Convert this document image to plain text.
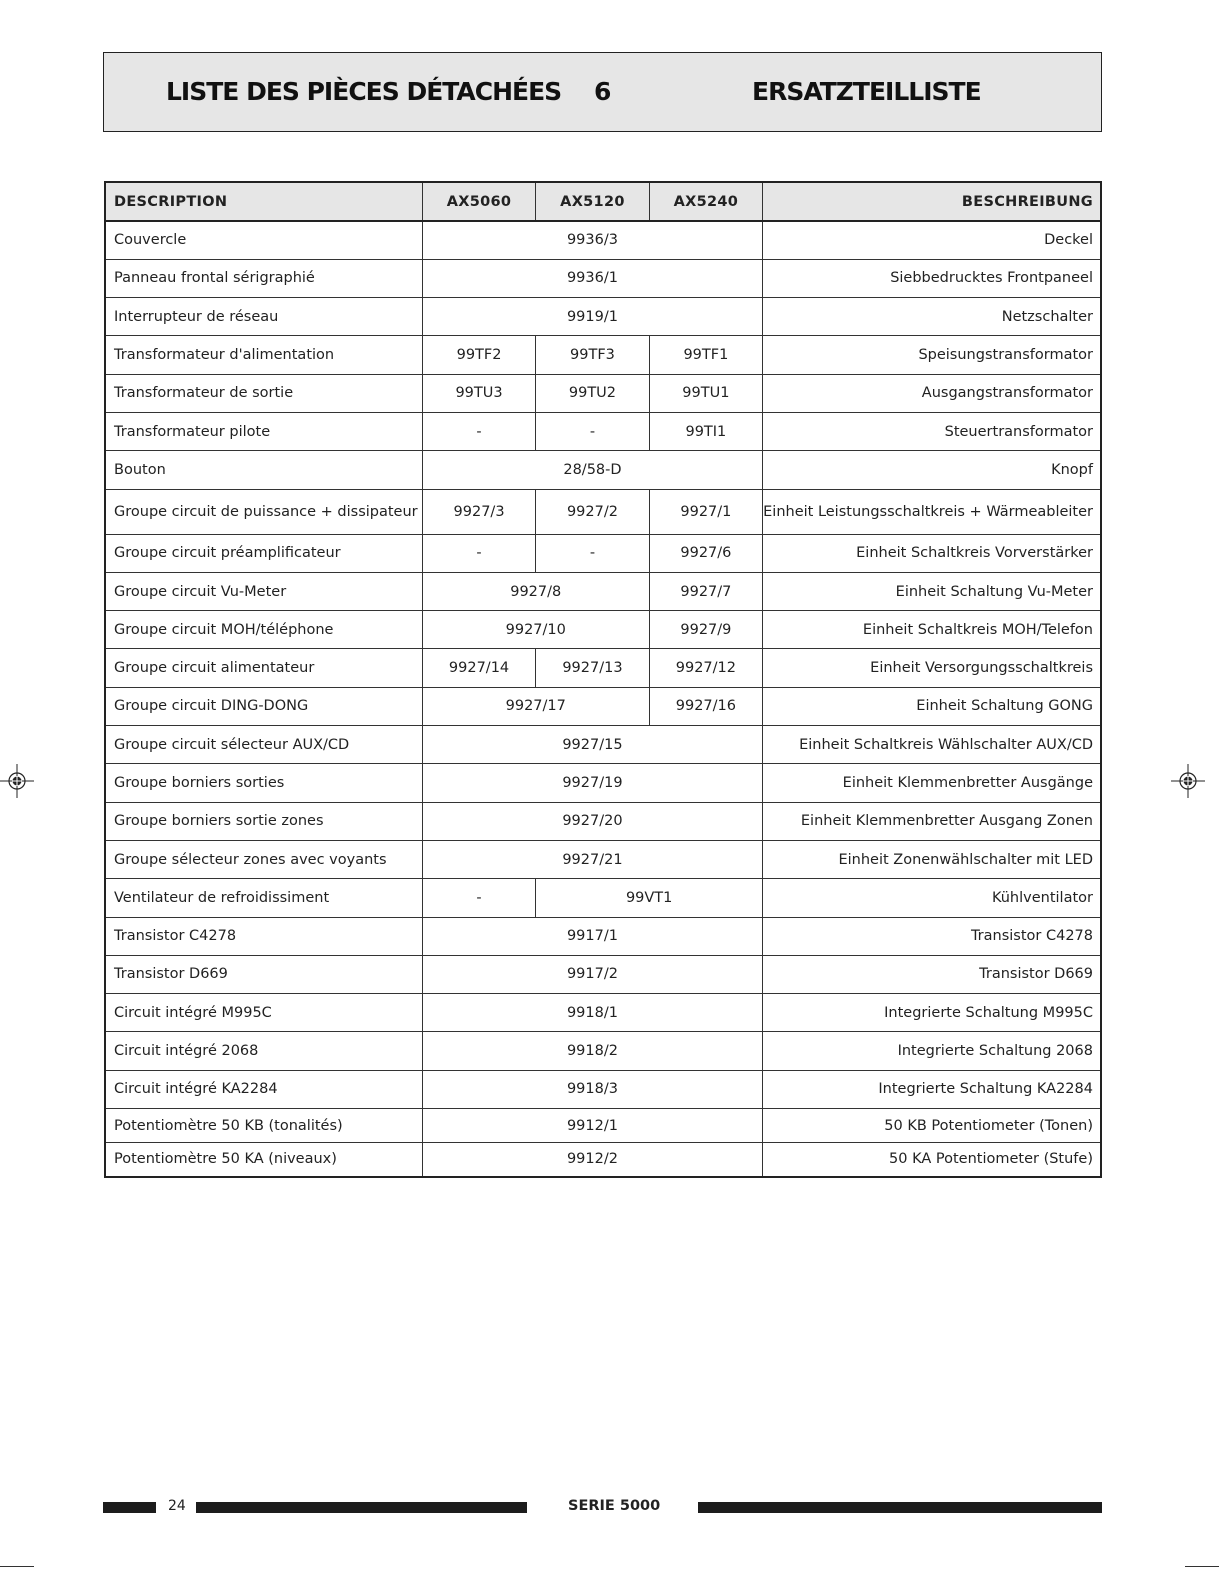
LISTE DES PIÈCES DÉTACHÉES 6	ERSATZTEILLISTE
DESCRIPTION	AX5060	AX5120	AX5240	BESCHREIBUNG
Couvercle	9936/3			Deckel
Panneau frontal sérigraphié	9936/1			Siebbedrucktes Frontpaneel
Interrupteur de réseau	9919/1			Netzschalter
Transformateur d'alimentation	99TF2	99TF3	99TF1	Speisungstransformator
Transformateur de sortie	99TU3	99TU2	99TU1	Ausgangstransformator
Transformateur pilote	-	-	99TI1	Steuertransformator
Bouton	28/58-D			Knopf
Groupe circuit de puissance + dissipateur	9927/3	9927/2	9927/1	Einheit Leistungsschaltkreis + Wärmeableiter
Groupe circuit préamplificateur	-	-	9927/6	Einheit Schaltkreis Vorverstärker
Groupe circuit Vu-Meter	9927/8		9927/7	Einheit Schaltung Vu-Meter
Groupe circuit MOH/téléphone	9927/10		9927/9	Einheit Schaltkreis MOH/Telefon
Groupe circuit alimentateur	9927/14	9927/13	9927/12	Einheit Versorgungsschaltkreis
Groupe circuit DING-DONG	9927/17		9927/16	Einheit Schaltung GONG
Groupe circuit sélecteur AUX/CD	9927/15			Einheit Schaltkreis Wählschalter AUX/CD
Groupe borniers sorties	9927/19			Einheit Klemmenbretter Ausgänge
Groupe borniers sortie zones	9927/20			Einheit Klemmenbretter Ausgang Zonen
Groupe sélecteur zones avec voyants	9927/21			Einheit Zonenwählschalter mit LED
Ventilateur de refroidissiment	-	99VT1		Kühlventilator
Transistor C4278	9917/1			Transistor C4278
Transistor D669	9917/2			Transistor D669
Circuit intégré M995C	9918/1			Integrierte Schaltung M995C
Circuit intégré 2068	9918/2			Integrierte Schaltung 2068
Circuit intégré KA2284	9918/3			Integrierte Schaltung KA2284
Potentiomètre 50 KB (tonalités)	9912/1			50 KB Potentiometer (Tonen)
Potentiomètre 50 KA (niveaux)	9912/2			50 KA Potentiometer (Stufe)
24	SERIE 5000
